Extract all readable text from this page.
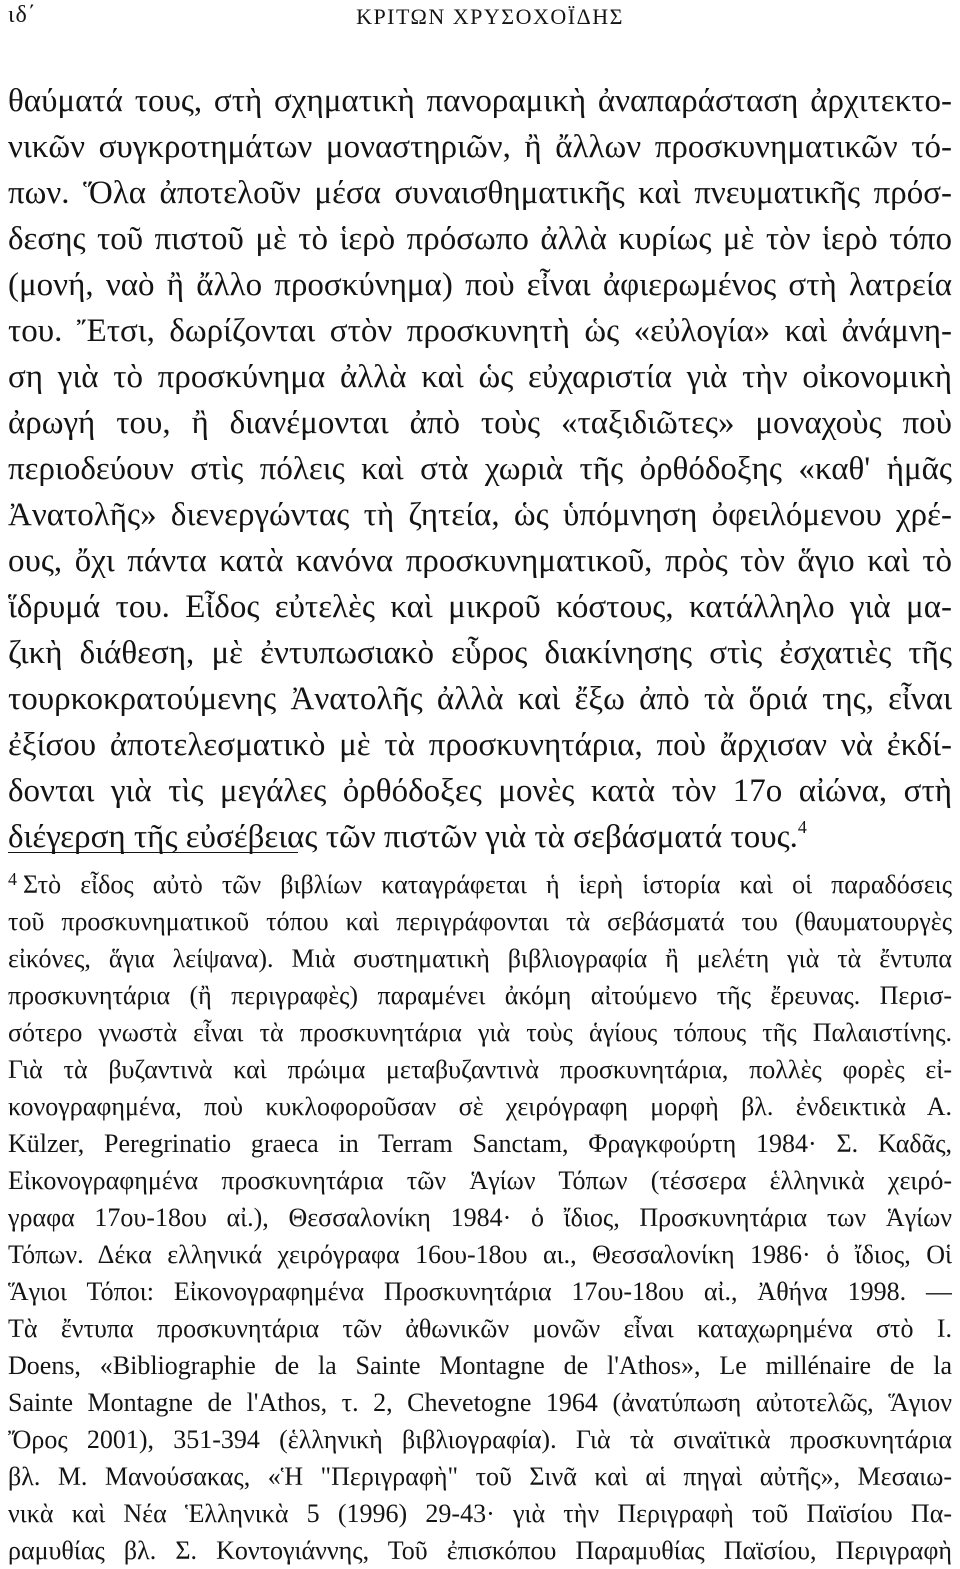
ιδ΄	ΚΡΙΤΩΝ ΧΡΥΣΟΧΟΪΔΗΣ
θαύματά τους, στὴ σχηματικὴ πανοραμικὴ ἀναπαράσταση ἀρχιτεκτο-
νικῶν συγκροτημάτων μοναστηριῶν, ἢ ἄλλων προσκυνηματικῶν τό-
πων. Ὅλα ἀποτελοῦν μέσα συναισθηματικῆς καὶ πνευματικῆς πρόσ-
δεσης τοῦ πιστοῦ μὲ τὸ ἱερὸ πρόσωπο ἀλλὰ κυρίως μὲ τὸν ἱερὸ τόπο
(μονή, ναὸ ἢ ἄλλο προσκύνημα) ποὺ εἶναι ἀφιερωμένος στὴ λατρεία
του. Ἔτσι, δωρίζονται στὸν προσκυνητὴ ὡς «εὐλογία» καὶ ἀνάμνη-
ση γιὰ τὸ προσκύνημα ἀλλὰ καὶ ὡς εὐχαριστία γιὰ τὴν οἰκονομικὴ
ἀρωγή του, ἢ διανέμονται ἀπὸ τοὺς «ταξιδιῶτες» μοναχοὺς ποὺ
περιοδεύουν στὶς πόλεις καὶ στὰ χωριὰ τῆς ὀρθόδοξης «καθ' ἡμᾶς
Ἀνατολῆς» διενεργώντας τὴ ζητεία, ὡς ὑπόμνηση ὀφειλόμενου χρέ-
ους, ὄχι πάντα κατὰ κανόνα προσκυνηματικοῦ, πρὸς τὸν ἅγιο καὶ τὸ
ἵδρυμά του. Εἶδος εὐτελὲς καὶ μικροῦ κόστους, κατάλληλο γιὰ μα-
ζικὴ διάθεση, μὲ ἐντυπωσιακὸ εὗρος διακίνησης στὶς ἐσχατιὲς τῆς
τουρκοκρατούμενης Ἀνατολῆς ἀλλὰ καὶ ἔξω ἀπὸ τὰ ὅριά της, εἶναι
ἐξίσου ἀποτελεσματικὸ μὲ τὰ προσκυνητάρια, ποὺ ἄρχισαν νὰ ἐκδί-
δονται γιὰ τὶς μεγάλες ὀρθόδοξες μονὲς κατὰ τὸν 17ο αἰώνα, στὴ
διέγερση τῆς εὐσέβειας τῶν πιστῶν γιὰ τὰ σεβάσματά τους.$^4$
$^4$ Στὸ εἶδος αὐτὸ τῶν βιβλίων καταγράφεται ἡ ἱερὴ ἱστορία καὶ οἱ παραδόσεις
τοῦ προσκυνηματικοῦ τόπου καὶ περιγράφονται τὰ σεβάσματά του (θαυματουργὲς
εἰκόνες, ἅγια λείψανα). Μιὰ συστηματικὴ βιβλιογραφία ἢ μελέτη γιὰ τὰ ἔντυπα
προσκυνητάρια (ἢ περιγραφὲς) παραμένει ἀκόμη αἰτούμενο τῆς ἔρευνας. Περισ-
σότερο γνωστὰ εἶναι τὰ προσκυνητάρια γιὰ τοὺς ἁγίους τόπους τῆς Παλαιστίνης.
Γιὰ τὰ βυζαντινὰ καὶ πρώιμα μεταβυζαντινὰ προσκυνητάρια, πολλὲς φορὲς εἰ-
κονογραφημένα, ποὺ κυκλοφοροῦσαν σὲ χειρόγραφη μορφὴ βλ. ἐνδεικτικὰ Α.
Külzer, Peregrinatio graeca in Terram Sanctam, Φραγκφούρτη 1984· Σ. Καδᾶς,
Εἰκονογραφημένα προσκυνητάρια τῶν Ἁγίων Τόπων (τέσσερα ἑλληνικὰ χειρό-
γραφα 17ου-18ου αἰ.), Θεσσαλονίκη 1984· ὁ ἴδιος, Προσκυνητάρια των Ἁγίων
Τόπων. Δέκα ελληνικά χειρόγραφα 16ου-18ου αι., Θεσσαλονίκη 1986· ὁ ἴδιος, Οἱ
Ἅγιοι Τόποι: Εἰκονογραφημένα Προσκυνητάρια 17ου-18ου αἰ., Ἀθήνα 1998. —
Τὰ ἔντυπα προσκυνητάρια τῶν ἀθωνικῶν μονῶν εἶναι καταχωρημένα στὸ Ι.
Doens, «Bibliographie de la Sainte Montagne de l'Athos», Le millénaire de la
Sainte Montagne de l'Athos, τ. 2, Chevetogne 1964 (ἀνατύπωση αὐτοτελῶς, Ἅγιον
Ὄρος 2001), 351-394 (ἑλληνικὴ βιβλιογραφία). Γιὰ τὰ σιναϊτικὰ προσκυνητάρια
βλ. Μ. Μανούσακας, «Ἡ "Περιγραφὴ" τοῦ Σινᾶ καὶ αἱ πηγαὶ αὐτῆς», Μεσαιω-
νικὰ καὶ Νέα Ἑλληνικὰ 5 (1996) 29-43· γιὰ τὴν Περιγραφὴ τοῦ Παϊσίου Πα-
ραμυθίας βλ. Σ. Κοντογιάννης, Τοῦ ἐπισκόπου Παραμυθίας Παϊσίου, Περιγραφὴ
